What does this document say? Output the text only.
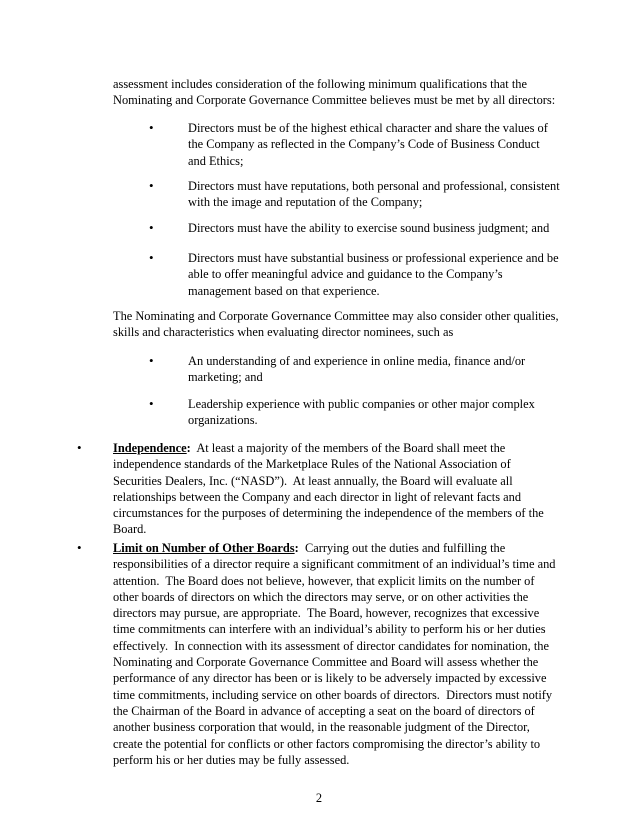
assessment includes consideration of the following minimum qualifications that the
Nominating and Corporate Governance Committee believes must be met by all directors:
•	Directors must be of the highest ethical character and share the values of
the Company as reflected in the Company’s Code of Business Conduct
and Ethics;
•	Directors must have reputations, both personal and professional, consistent
with the image and reputation of the Company;
•	Directors must have the ability to exercise sound business judgment; and
•	Directors must have substantial business or professional experience and be
able to offer meaningful advice and guidance to the Company’s
management based on that experience.
The Nominating and Corporate Governance Committee may also consider other qualities,
skills and characteristics when evaluating director nominees, such as
•	An understanding of and experience in online media, finance and/or
marketing; and
•	Leadership experience with public companies or other major complex
organizations.
•	Independence:  At least a majority of the members of the Board shall meet the
independence standards of the Marketplace Rules of the National Association of
Securities Dealers, Inc. (“NASD”).  At least annually, the Board will evaluate all
relationships between the Company and each director in light of relevant facts and
circumstances for the purposes of determining the independence of the members of the
Board.
•	Limit on Number of Other Boards:  Carrying out the duties and fulfilling the
responsibilities of a director require a significant commitment of an individual’s time and
attention.  The Board does not believe, however, that explicit limits on the number of
other boards of directors on which the directors may serve, or on other activities the
directors may pursue, are appropriate.  The Board, however, recognizes that excessive
time commitments can interfere with an individual’s ability to perform his or her duties
effectively.  In connection with its assessment of director candidates for nomination, the
Nominating and Corporate Governance Committee and Board will assess whether the
performance of any director has been or is likely to be adversely impacted by excessive
time commitments, including service on other boards of directors.  Directors must notify
the Chairman of the Board in advance of accepting a seat on the board of directors of
another business corporation that would, in the reasonable judgment of the Director,
create the potential for conflicts or other factors compromising the director’s ability to
perform his or her duties may be fully assessed.
2
